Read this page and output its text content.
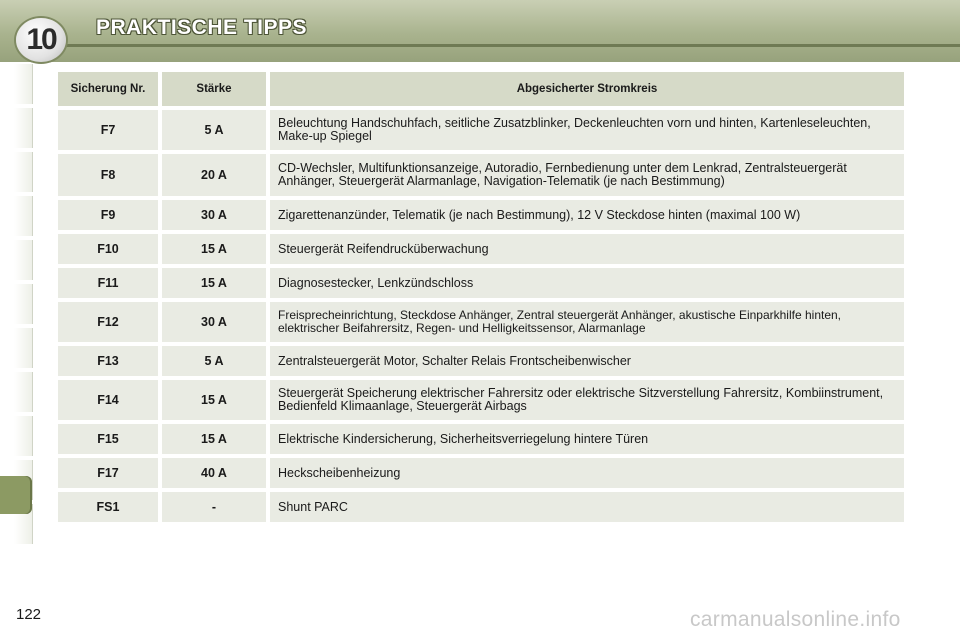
10	PRAKTISCHE TIPPS
Sicherung Nr.	Stärke	Abgesicherter Stromkreis
F7	5 A	Beleuchtung Handschuhfach, seitliche Zusatzblinker, Deckenleuchten vorn und hinten, Kartenleseleuchten, Make-up Spiegel
F8	20 A	CD-Wechsler, Multifunktionsanzeige, Autoradio, Fernbedienung unter dem Lenkrad, Zentralsteuergerät Anhänger, Steuergerät Alarmanlage, Navigation-Telematik (je nach Bestimmung)
F9	30 A	Zigarettenanzünder, Telematik (je nach Bestimmung), 12 V Steckdose hinten (maximal 100 W)
F10	15 A	Steuergerät Reifendrucküberwachung
F11	15 A	Diagnosestecker, Lenkzündschloss
F12	30 A	Freisprecheinrichtung, Steckdose Anhänger, Zentral steuergerät Anhänger, akustische Einparkhilfe hinten, elektrischer Beifahrersitz, Regen- und Helligkeitssensor, Alarmanlage
F13	5 A	Zentralsteuergerät Motor, Schalter Relais Frontscheibenwischer
F14	15 A	Steuergerät Speicherung elektrischer Fahrersitz oder elektrische Sitzverstellung Fahrersitz, Kombiinstrument, Bedienfeld Klimaanlage, Steuergerät Airbags
F15	15 A	Elektrische Kindersicherung, Sicherheitsverriegelung hintere Türen
F17	40 A	Heckscheibenheizung
FS1	-	Shunt PARC
122	carmanualsonline.info
